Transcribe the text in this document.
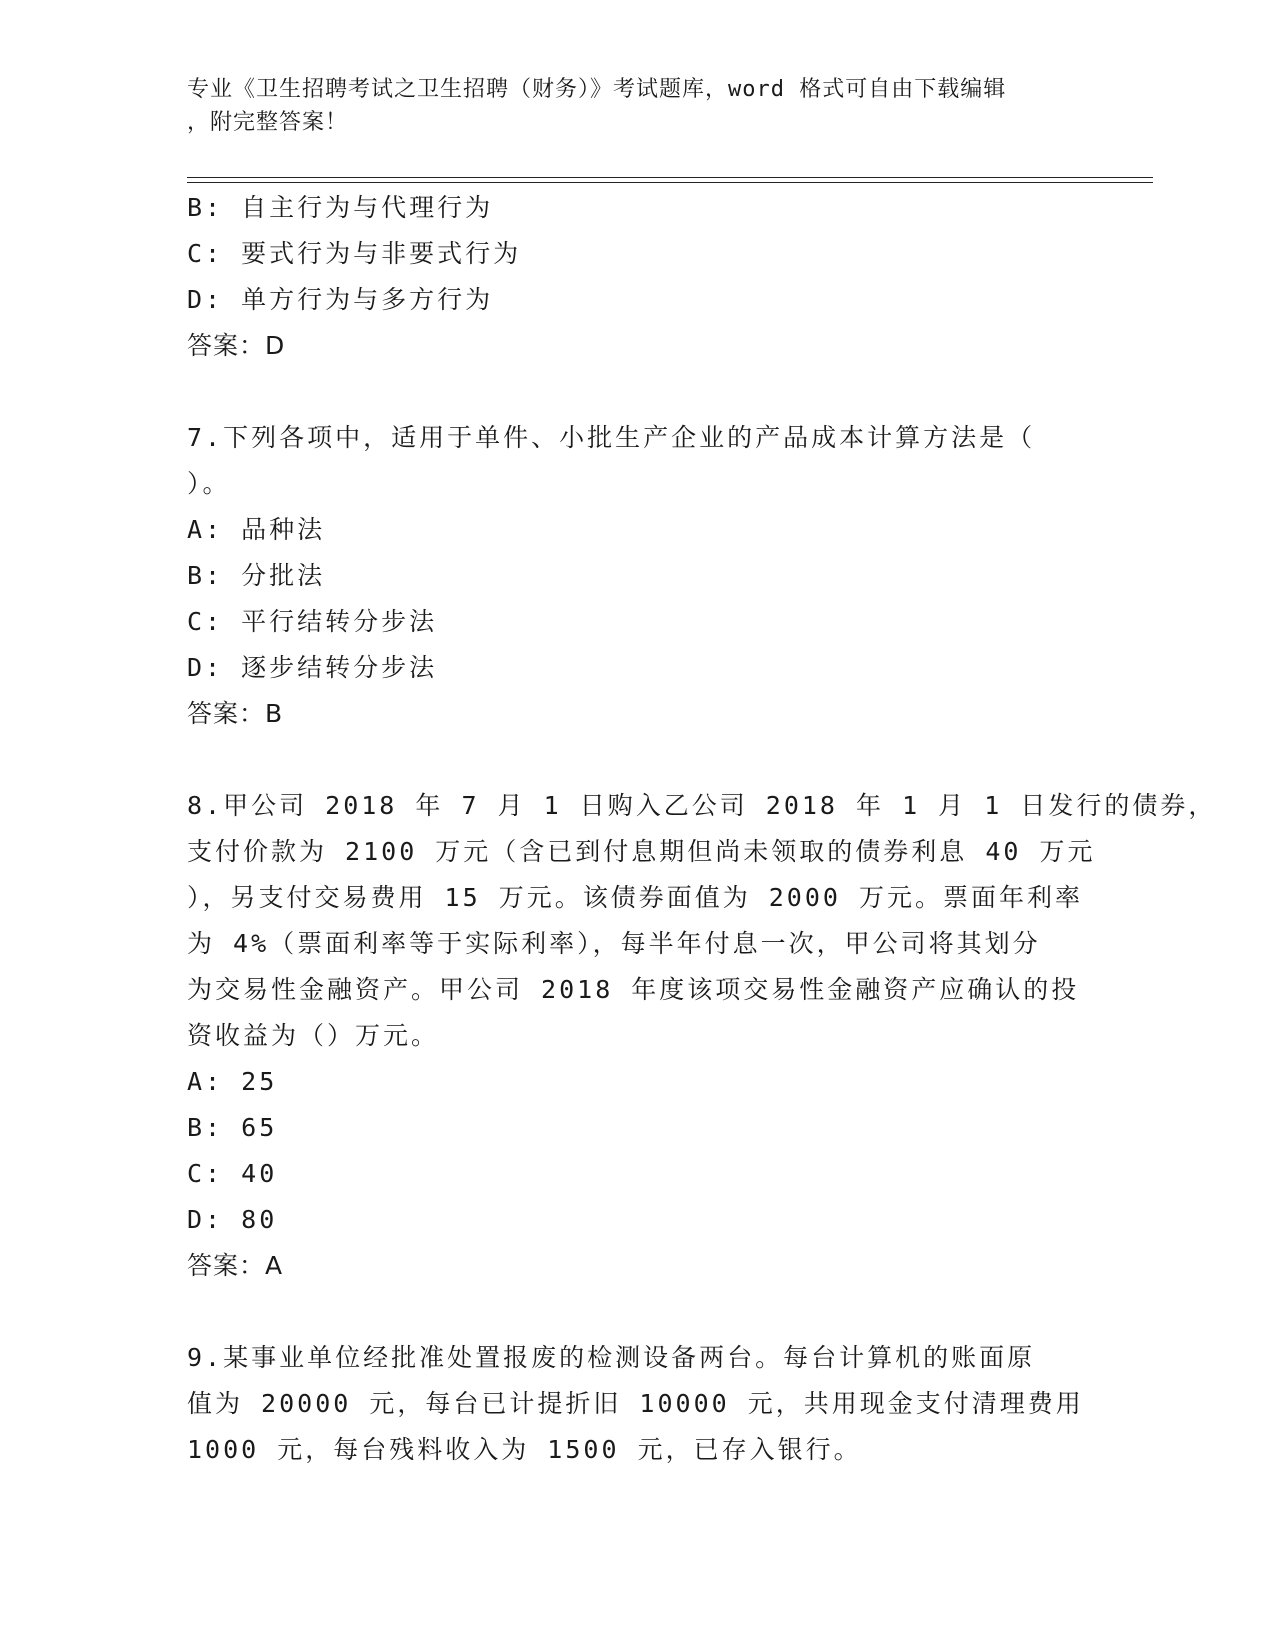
专业《卫生招聘考试之卫生招聘（财务）》考试题库，word 格式可自由下载编辑
，附完整答案！
B: 自主行为与代理行为
C: 要式行为与非要式行为
D: 单方行为与多方行为
答案：D
7.下列各项中，适用于单件、小批生产企业的产品成本计算方法是（
）。
A: 品种法
B: 分批法
C: 平行结转分步法
D: 逐步结转分步法
答案：B
8.甲公司 2018 年 7 月 1 日购入乙公司 2018 年 1 月 1 日发行的债券，
支付价款为 2100 万元（含已到付息期但尚未领取的债券利息 40 万元
），另支付交易费用 15 万元。该债券面值为 2000 万元。票面年利率
为 4%（票面利率等于实际利率），每半年付息一次，甲公司将其划分
为交易性金融资产。甲公司 2018 年度该项交易性金融资产应确认的投
资收益为（）万元。
A: 25
B: 65
C: 40
D: 80
答案：A
9.某事业单位经批准处置报废的检测设备两台。每台计算机的账面原
值为 20000 元，每台已计提折旧 10000 元，共用现金支付清理费用
1000 元，每台残料收入为 1500 元，已存入银行。
